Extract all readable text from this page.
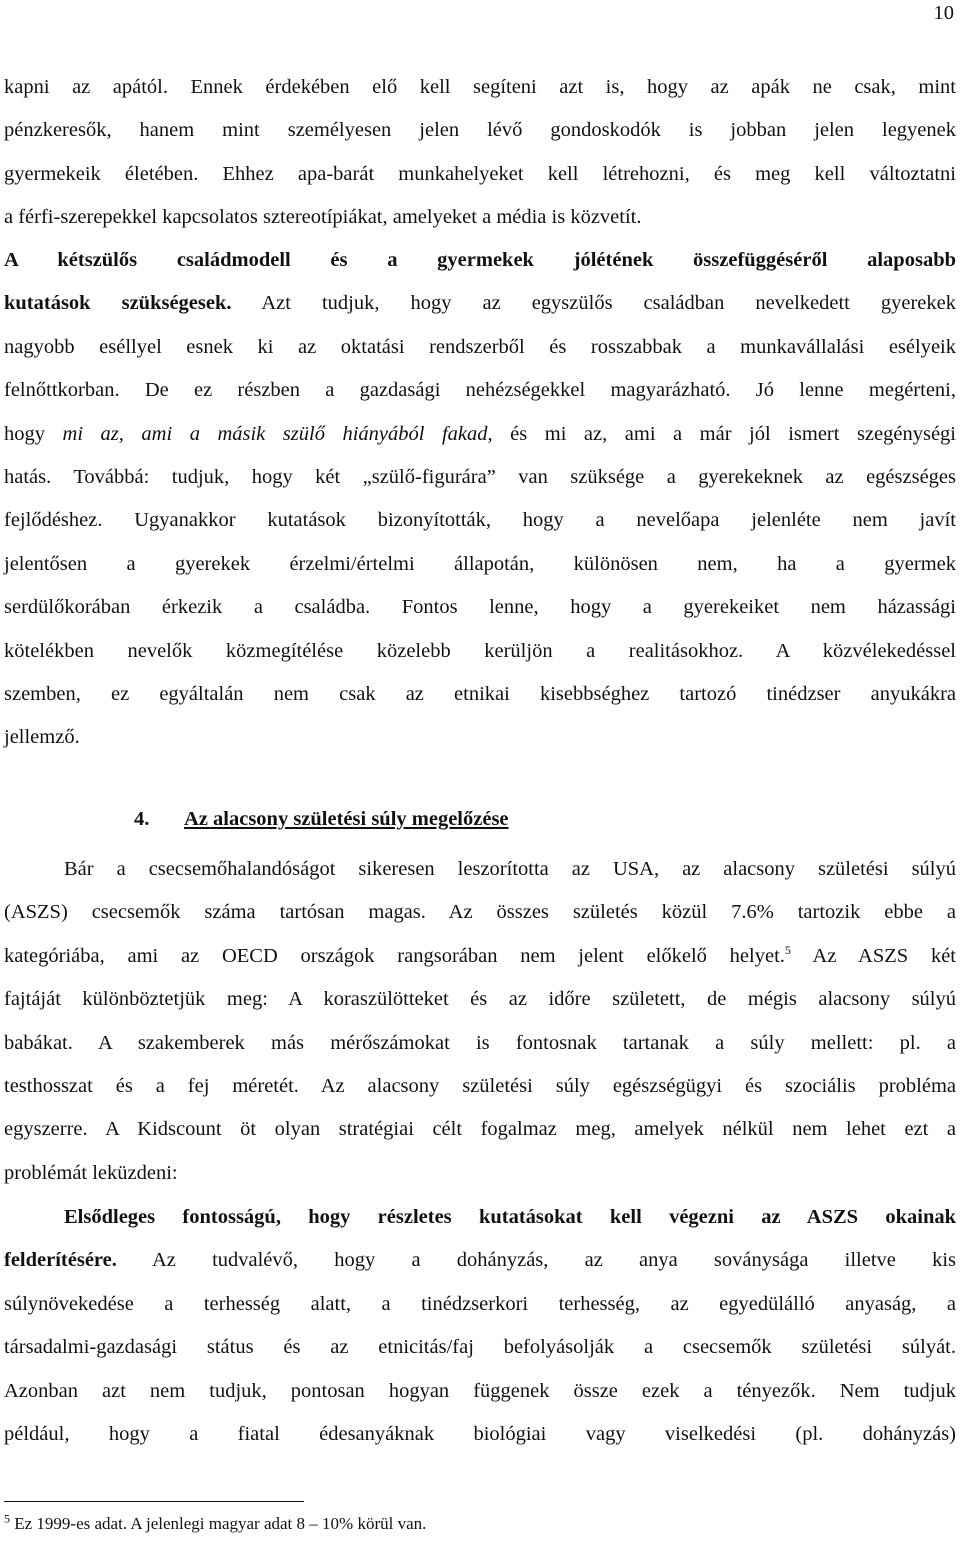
10
kapni az apától. Ennek érdekében elő kell segíteni azt is, hogy az apák ne csak, mint
pénzkeresők, hanem mint személyesen jelen lévő gondoskodók is jobban jelen legyenek
gyermekeik életében. Ehhez apa-barát munkahelyeket kell létrehozni, és meg kell változtatni
a férfi-szerepekkel kapcsolatos sztereotípiákat, amelyeket a média is közvetít.
A kétszülős családmodell és a gyermekek jólétének összefüggéséről alaposabb
kutatások szükségesek. Azt tudjuk, hogy az egyszülős családban nevelkedett gyerekek
nagyobb eséllyel esnek ki az oktatási rendszerből és rosszabbak a munkavállalási esélyeik
felnőttkorban. De ez részben a gazdasági nehézségekkel magyarázható. Jó lenne megérteni,
hogy mi az, ami a másik szülő hiányából fakad, és mi az, ami a már jól ismert szegénységi
hatás. Továbbá: tudjuk, hogy két „szülő-figurára” van szüksége a gyerekeknek az egészséges
fejlődéshez. Ugyanakkor kutatások bizonyították, hogy a nevelőapa jelenléte nem javít
jelentősen a gyerekek érzelmi/értelmi állapotán, különösen nem, ha a gyermek
serdülőkorában érkezik a családba. Fontos lenne, hogy a gyerekeiket nem házassági
kötelékben nevelők közmegítélése közelebb kerüljön a realitásokhoz. A közvélekedéssel
szemben, ez egyáltalán nem csak az etnikai kisebbséghez tartozó tinédzser anyukákra
jellemző.
4. Az alacsony születési súly megelőzése
Bár a csecsemőhalandóságot sikeresen leszorította az USA, az alacsony születési súlyú
(ASZS) csecsemők száma tartósan magas. Az összes születés közül 7.6% tartozik ebbe a
kategóriába, ami az OECD országok rangsorában nem jelent előkelő helyet.$^5$ Az ASZS két
fajtáját különböztetjük meg: A koraszülötteket és az időre született, de mégis alacsony súlyú
babákat. A szakemberek más mérőszámokat is fontosnak tartanak a súly mellett: pl. a
testhosszat és a fej méretét. Az alacsony születési súly egészségügyi és szociális probléma
egyszerre. A Kidscount öt olyan stratégiai célt fogalmaz meg, amelyek nélkül nem lehet ezt a
problémát leküzdeni:
Elsődleges fontosságú, hogy részletes kutatásokat kell végezni az ASZS okainak
felderítésére. Az tudvalévő, hogy a dohányzás, az anya soványsága illetve kis
súlynövekedése a terhesség alatt, a tinédzserkori terhesség, az egyedülálló anyaság, a
társadalmi-gazdasági státus és az etnicitás/faj befolyásolják a csecsemők születési súlyát.
Azonban azt nem tudjuk, pontosan hogyan függenek össze ezek a tényezők. Nem tudjuk
például, hogy a fiatal édesanyáknak biológiai vagy viselkedési (pl. dohányzás)
$^5$ Ez 1999-es adat. A jelenlegi magyar adat 8 – 10% körül van.
